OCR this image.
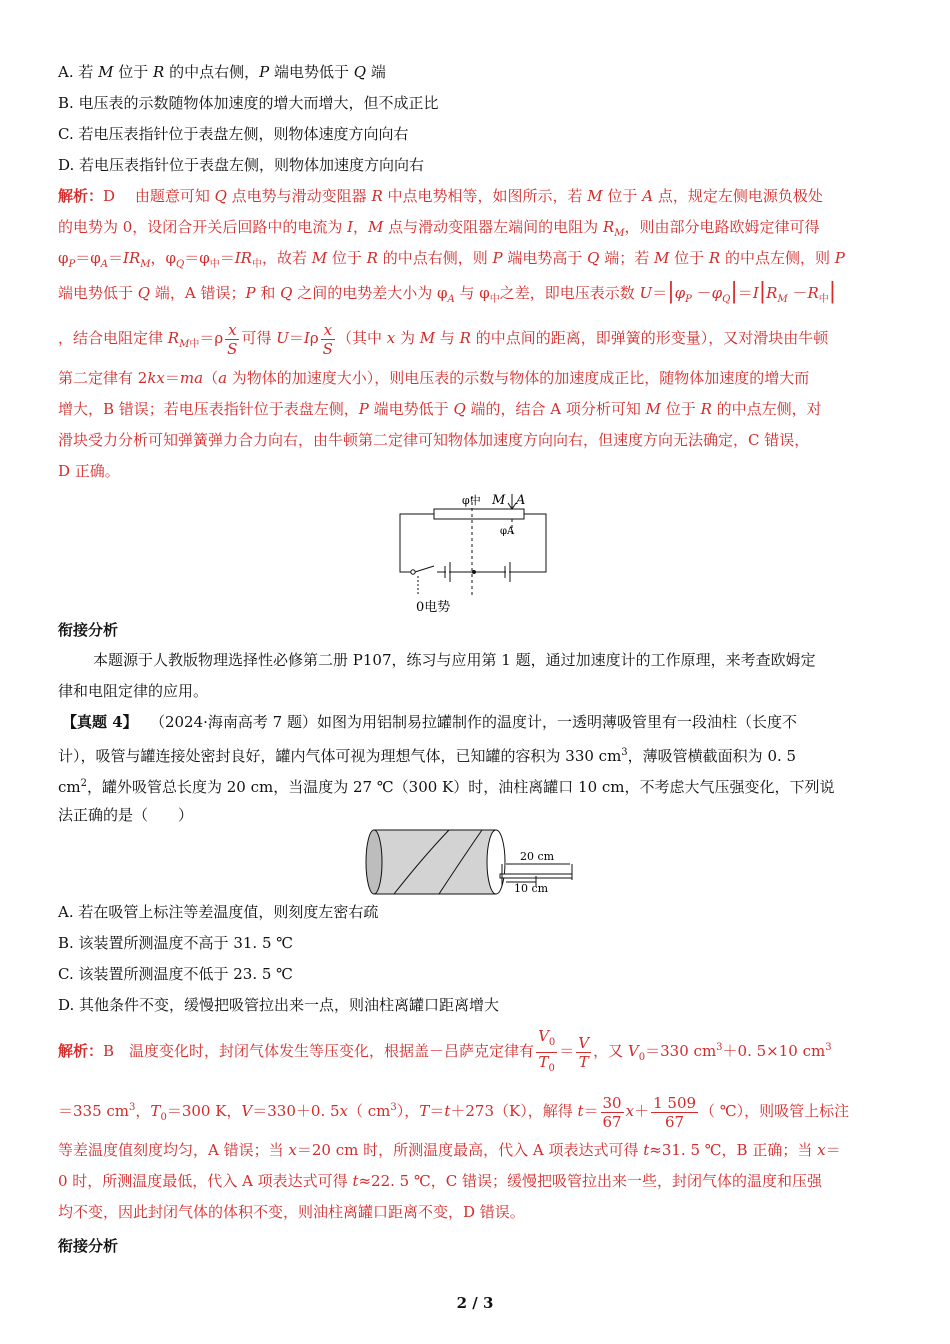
A. 若 M 位于 R 的中点右侧，P 端电势低于 Q 端
B. 电压表的示数随物体加速度的增大而增大，但不成正比
C. 若电压表指针位于表盘左侧，则物体速度方向向右
D. 若电压表指针位于表盘左侧，则物体加速度方向向右
解析：D　 由题意可知 Q 点电势与滑动变阻器 R 中点电势相等，如图所示，若 M 位于 A 点，规定左侧电源负极处
的电势为 0，设闭合开关后回路中的电流为 I，M 点与滑动变阻器左端间的电阻为 $R_M$，则由部分电路欧姆定律可得
$\varphi_P=\varphi_A=IR_M$，$\varphi_Q=\varphi_中=IR_中$，故若 M 位于 R 的中点右侧，则 P 端电势高于 Q 端；若 M 位于 R 的中点左侧，则 P
端电势低于 Q 端，A 错误；P 和 Q 之间的电势差大小为 $\varphi_A$ 与 $\varphi_中$之差，即电压表示数 $U=|\varphi_P -\varphi_Q|=I|R_M -R_中|$
，结合电阻定律 $R_{M中}=\rho \frac{x}{S}$ 可得 $U=I\rho \frac{x}{S}$ （其中 x 为 M 与 R 的中点间的距离，即弹簧的形变量），又对滑块由牛顿
第二定律有 2kx＝ma（a 为物体的加速度大小），则电压表的示数与物体的加速度成正比，随物体加速度的增大而
增大，B 错误；若电压表指针位于表盘左侧，P 端电势低于 Q 端的，结合 A 项分析可知 M 位于 R 的中点左侧，对
滑块受力分析可知弹簧弹力合力向右，由牛顿第二定律可知物体加速度方向向右，但速度方向无法确定，C 错误，
D 正确。
φ中 M A
φA
0电势
衔接分析
本题源于人教版物理选择性必修第二册 P107，练习与应用第 1 题，通过加速度计的工作原理，来考查欧姆定
律和电阻定律的应用。
【真题 4】　 （2024·海南高考 7 题）如图为用铝制易拉罐制作的温度计，一透明薄吸管里有一段油柱（长度不
计），吸管与罐连接处密封良好，罐内气体可视为理想气体，已知罐的容积为 330 $cm^3$，薄吸管横截面积为 0. 5
$cm^2$，罐外吸管总长度为 20 cm，当温度为 27 ℃（300 K）时，油柱离罐口 10 cm，不考虑大气压强变化，下列说
法正确的是（　　）
20 cm
10 cm
A. 若在吸管上标注等差温度值，则刻度左密右疏
B. 该装置所测温度不高于 31. 5 ℃
C. 该装置所测温度不低于 23. 5 ℃
D. 其他条件不变，缓慢把吸管拉出来一点，则油柱离罐口距离增大
解析：B　温度变化时，封闭气体发生等压变化，根据盖－吕萨克定律有 $\frac{V_0}{T_0} = \frac{V}{T}$ ，又 $V_0=330$ $cm^3+0$. 5×10 $cm^3$
＝335 $cm^3$，$T_0=300$ K，V＝330＋0. 5x（ $cm^3$），T＝t＋273（K），解得 $t= \frac{30}{67} x+ \frac{1 509}{67}$ （ ℃），则吸管上标注
等差温度值刻度均匀，A 错误；当 x＝20 cm 时，所测温度最高，代入 A 项表达式可得 t≈31. 5 ℃，B 正确；当 x＝
0 时，所测温度最低，代入 A 项表达式可得 t≈22. 5 ℃，C 错误；缓慢把吸管拉出来一些，封闭气体的温度和压强
均不变，因此封闭气体的体积不变，则油柱离罐口距离不变，D 错误。
衔接分析
2 / 3
